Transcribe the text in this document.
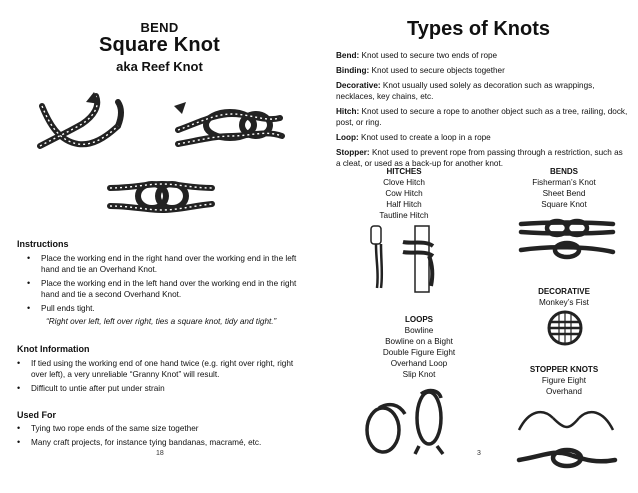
BEND
Square Knot
aka Reef Knot
Instructions
• Place the working end in the right hand over the working end in the left hand and tie an Overhand Knot.
• Place the working end in the left hand over the working end in the right hand and tie a second Overhand Knot.
• Pull ends tight.
“Right over left, left over right, ties a square knot, tidy and tight.”
Knot Information
• If tied using the working end of one hand twice (e.g. right over right, right over left), a very unreliable “Granny Knot” will result.
• Difficult to untie after put under strain
Used For
• Tying two rope ends of the same size together
• Many craft projects, for instance tying bandanas, macramé, etc.
18
Types of Knots

Bend: Knot used to secure two ends of rope

Binding: Knot used to secure objects together

Decorative: Knot usually used solely as decoration such as wrappings, necklaces, key chains, etc.

Hitch: Knot used to secure a rope to another object such as a tree, railing, dock, post, or ring.

Loop: Knot used to create a loop in a rope

Stopper: Knot used to prevent rope from passing through a restriction, such as a cleat, or used as a back-up for another knot.

HITCHES
Clove Hitch
Cow Hitch
Half Hitch
Tautline Hitch
BENDS
Fisherman’s Knot
Sheet Bend
Square Knot
DECORATIVE
Monkey’s Fist
LOOPS
Bowline
Bowline on a Bight
Double Figure Eight
Overhand Loop
Slip Knot
STOPPER KNOTS
Figure Eight
Overhand
3
